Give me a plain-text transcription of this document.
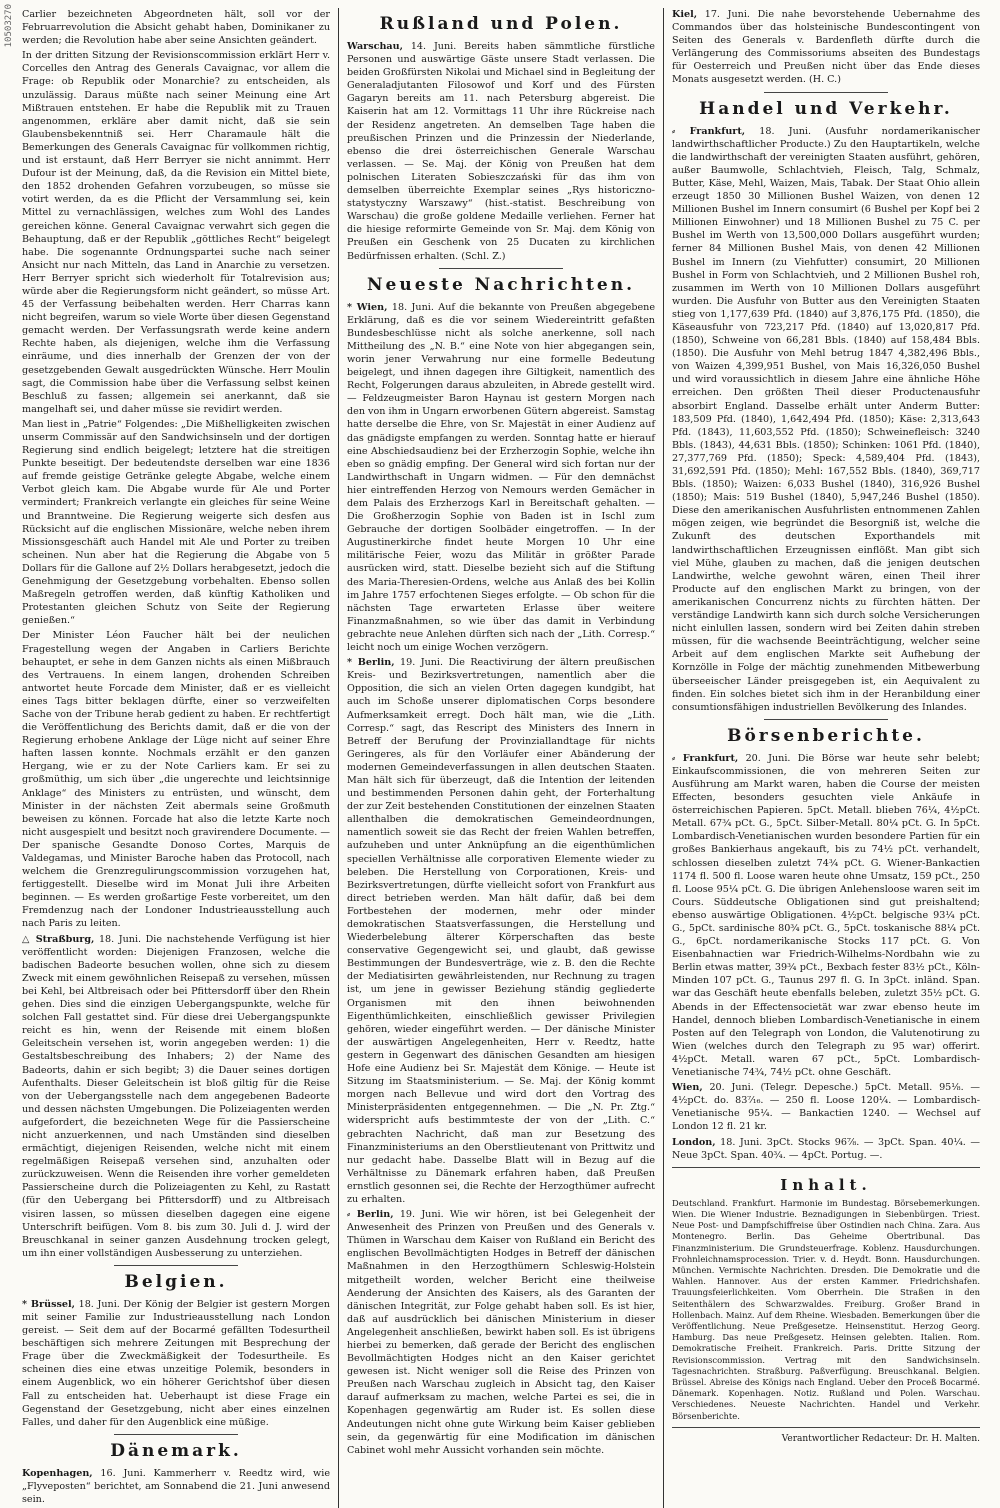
10503270 Carlier bezeichneten Abgeordneten hält, soll vor der Februarrevolution die Absicht gehabt haben, Dominikaner zu werden; die Revolution habe aber seine Ansichten geändert.

In der dritten Sitzung der Revisionscommission erklärt Herr v. Corcelles den Antrag des Generals Cavaignac, vor allem die Frage: ob Republik oder Monarchie? zu entscheiden, als unzulässig. Daraus müßte nach seiner Meinung eine Art Mißtrauen entstehen. Er habe die Republik mit zu Trauen angenommen, erkläre aber damit nicht, daß sie sein Glaubensbekenntniß sei. Herr Charamaule hält die Bemerkungen des Generals Cavaignac für vollkommen richtig, und ist erstaunt, daß Herr Berryer sie nicht annimmt. Herr Dufour ist der Meinung, daß, da die Revision ein Mittel biete, den 1852 drohenden Gefahren vorzubeugen, so müsse sie votirt werden, da es die Pflicht der Versammlung sei, kein Mittel zu vernachlässigen, welches zum Wohl des Landes gereichen könne. General Cavaignac verwahrt sich gegen die Behauptung, daß er der Republik „göttliches Recht“ beigelegt habe. Die sogenannte Ordnungspartei suche nach seiner Ansicht nur nach Mitteln, das Land in Anarchie zu versetzen. Herr Berryer spricht sich wiederholt für Totalrevision aus; würde aber die Regierungsform nicht geändert, so müsse Art. 45 der Verfassung beibehalten werden. Herr Charras kann nicht begreifen, warum so viele Worte über diesen Gegenstand gemacht werden. Der Verfassungsrath werde keine andern Rechte haben, als diejenigen, welche ihm die Verfassung einräume, und dies innerhalb der Grenzen der von der gesetzgebenden Gewalt ausgedrückten Wünsche. Herr Moulin sagt, die Commission habe über die Verfassung selbst keinen Beschluß zu fassen; allgemein sei anerkannt, daß sie mangelhaft sei, und daher müsse sie revidirt werden.

Man liest in „Patrie“ Folgendes: „Die Mißhelligkeiten zwischen unserm Commissär auf den Sandwichsinseln und der dortigen Regierung sind endlich beigelegt; letztere hat die streitigen Punkte beseitigt. Der bedeutendste derselben war eine 1836 auf fremde geistige Getränke gelegte Abgabe, welche einem Verbot gleich kam. Die Abgabe wurde für Ale und Porter vermindert; Frankreich verlangte ein gleiches für seine Weine und Branntweine. Die Regierung weigerte sich desfen aus Rücksicht auf die englischen Missionäre, welche neben ihrem Missionsgeschäft auch Handel mit Ale und Porter zu treiben scheinen. Nun aber hat die Regierung die Abgabe von 5 Dollars für die Gallone auf 2½ Dollars herabgesetzt, jedoch die Genehmigung der Gesetzgebung vorbehalten. Ebenso sollen Maßregeln getroffen werden, daß künftig Katholiken und Protestanten gleichen Schutz von Seite der Regierung genießen.“

Der Minister Léon Faucher hält bei der neulichen Fragestellung wegen der Angaben in Carliers Berichte behauptet, er sehe in dem Ganzen nichts als einen Mißbrauch des Vertrauens. In einem langen, drohenden Schreiben antwortet heute Forcade dem Minister, daß er es vielleicht eines Tags bitter beklagen dürfte, einer so verzweifelten Sache von der Tribune herab gedient zu haben. Er rechtfertigt die Veröffentlichung des Berichts damit, daß er die von der Regierung erhobene Anklage der Lüge nicht auf seiner Ehre haften lassen konnte. Nochmals erzählt er den ganzen Hergang, wie er zu der Note Carliers kam. Er sei zu großmüthig, um sich über „die ungerechte und leichtsinnige Anklage“ des Ministers zu entrüsten, und wünscht, dem Minister in der nächsten Zeit abermals seine Großmuth beweisen zu können. Forcade hat also die letzte Karte noch nicht ausgespielt und besitzt noch gravirendere Documente. — Der spanische Gesandte Donoso Cortes, Marquis de Valdegamas, und Minister Baroche haben das Protocoll, nach welchem die Grenzregulirungscommission vorzugehen hat, fertiggestellt. Dieselbe wird im Monat Juli ihre Arbeiten beginnen. — Es werden großartige Feste vorbereitet, um den Fremdenzug nach der Londoner Industrieausstellung auch nach Paris zu leiten.

△ Straßburg, 18. Juni. Die nachstehende Verfügung ist hier veröffentlicht worden: Diejenigen Franzosen, welche die badischen Badeorte besuchen wollen, ohne sich zu diesem Zweck mit einem gewöhnlichen Reisepaß zu versehen, müssen bei Kehl, bei Altbreisach oder bei Pfittersdorff über den Rhein gehen. Dies sind die einzigen Uebergangspunkte, welche für solchen Fall gestattet sind. Für diese drei Uebergangspunkte reicht es hin, wenn der Reisende mit einem bloßen Geleitschein versehen ist, worin angegeben werden: 1) die Gestaltsbeschreibung des Inhabers; 2) der Name des Badeorts, dahin er sich begibt; 3) die Dauer seines dortigen Aufenthalts. Dieser Geleitschein ist bloß giltig für die Reise von der Uebergangsstelle nach dem angegebenen Badeorte und dessen nächsten Umgebungen. Die Polizeiagenten werden aufgefordert, die bezeichneten Wege für die Passierscheine nicht anzuerkennen, und nach Umständen sind dieselben ermächtigt, diejenigen Reisenden, welche nicht mit einem regelmäßigen Reisepaß versehen sind, anzuhalten oder zurückzuweisen. Wenn die Reisenden ihre vorher gemeldeten Passierscheine durch die Polizeiagenten zu Kehl, zu Rastatt (für den Uebergang bei Pfittersdorff) und zu Altbreisach visiren lassen, so müssen dieselben dagegen eine eigene Unterschrift beifügen. Vom 8. bis zum 30. Juli d. J. wird der Breuschkanal in seiner ganzen Ausdehnung trocken gelegt, um ihn einer vollständigen Ausbesserung zu unterziehen.

Belgien.

* Brüssel, 18. Juni. Der König der Belgier ist gestern Morgen mit seiner Familie zur Industrieausstellung nach London gereist. — Seit dem auf der Bocarmé gefällten Todesurtheil beschäftigen sich mehrere Zeitungen mit Besprechung der Frage über die Zweckmäßigkeit der Todesurtheile. Es scheinen dies eine etwas unzeitige Polemik, besonders in einem Augenblick, wo ein höherer Gerichtshof über diesen Fall zu entscheiden hat. Ueberhaupt ist diese Frage ein Gegenstand der Gesetzgebung, nicht aber eines einzelnen Falles, und daher für den Augenblick eine müßige.

Dänemark.

Kopenhagen, 16. Juni. Kammerherr v. Reedtz wird, wie „Flyveposten“ berichtet, am Sonnabend die 21. Juni anwesend sein.

Rußland und Polen.

Warschau, 14. Juni. Bereits haben sämmtliche fürstliche Personen und auswärtige Gäste unsere Stadt verlassen. Die beiden Großfürsten Nikolai und Michael sind in Begleitung der Generaladjutanten Filosowof und Korf und des Fürsten Gagaryn bereits am 11. nach Petersburg abgereist. Die Kaiserin hat am 12. Vormittags 11 Uhr ihre Rückreise nach der Residenz angetreten. An demselben Tage haben die preußischen Prinzen und die Prinzessin der Niederlande, ebenso die drei österreichischen Generale Warschau verlassen. — Se. Maj. der König von Preußen hat dem polnischen Literaten Sobieszczański für das ihm von demselben überreichte Exemplar seines „Rys historiczno-statystyczny Warszawy“ (hist.-statist. Beschreibung von Warschau) die große goldene Medaille verliehen. Ferner hat die hiesige reformirte Gemeinde von Sr. Maj. dem König von Preußen ein Geschenk von 25 Ducaten zu kirchlichen Bedürfnissen erhalten. (Schl. Z.)

Neueste Nachrichten.

* Wien, 18. Juni. Auf die bekannte von Preußen abgegebene Erklärung, daß es die vor seinem Wiedereintritt gefaßten Bundesbeschlüsse nicht als solche anerkenne, soll nach Mittheilung des „N. B.“ eine Note von hier abgegangen sein, worin jener Verwahrung nur eine formelle Bedeutung beigelegt, und ihnen dagegen ihre Giltigkeit, namentlich des Recht, Folgerungen daraus abzuleiten, in Abrede gestellt wird. — Feldzeugmeister Baron Haynau ist gestern Morgen nach den von ihm in Ungarn erworbenen Gütern abgereist. Samstag hatte derselbe die Ehre, von Sr. Majestät in einer Audienz auf das gnädigste empfangen zu werden. Sonntag hatte er hierauf eine Abschiedsaudienz bei der Erzherzogin Sophie, welche ihn eben so gnädig empfing. Der General wird sich fortan nur der Landwirthschaft in Ungarn widmen. — Für den demnächst hier eintreffenden Herzog von Nemours werden Gemächer in dem Palais des Erzherzogs Karl in Bereitschaft gehalten. — Die Großherzogin Sophie von Baden ist in Ischl zum Gebrauche der dortigen Soolbäder eingetroffen. — In der Augustinerkirche findet heute Morgen 10 Uhr eine militärische Feier, wozu das Militär in größter Parade ausrücken wird, statt. Dieselbe bezieht sich auf die Stiftung des Maria-Theresien-Ordens, welche aus Anlaß des bei Kollin im Jahre 1757 erfochtenen Sieges erfolgte. — Ob schon für die nächsten Tage erwarteten Erlasse über weitere Finanzmaßnahmen, so wie über das damit in Verbindung gebrachte neue Anlehen dürften sich nach der „Lith. Corresp.“ leicht noch um einige Wochen verzögern.

* Berlin, 19. Juni. Die Reactivirung der ältern preußischen Kreis- und Bezirksvertretungen, namentlich aber die Opposition, die sich an vielen Orten dagegen kundgibt, hat auch im Schoße unserer diplomatischen Corps besondere Aufmerksamkeit erregt. Doch hält man, wie die „Lith. Corresp.“ sagt, das Rescript des Ministers des Innern in Betreff der Berufung der Provinziallandtage für nichts Geringeres, als für den Vorläufer einer Abänderung der modernen Gemeindeverfassungen in allen deutschen Staaten. Man hält sich für überzeugt, daß die Intention der leitenden und bestimmenden Personen dahin geht, der Forterhaltung der zur Zeit bestehenden Constitutionen der einzelnen Staaten allenthalben die demokratischen Gemeindeordnungen, namentlich soweit sie das Recht der freien Wahlen betreffen, aufzuheben und unter Anknüpfung an die eigenthümlichen speciellen Verhältnisse alle corporativen Elemente wieder zu beleben. Die Herstellung von Corporationen, Kreis- und Bezirksvertretungen, dürfte vielleicht sofort von Frankfurt aus direct betrieben werden. Man hält dafür, daß bei dem Fortbestehen der modernen, mehr oder minder demokratischen Staatsverfassungen, die Herstellung und Wiederbelebung älterer Körperschaften das beste conservative Gegengewicht sei, und glaubt, daß gewisse Bestimmungen der Bundesverträge, wie z. B. den die Rechte der Mediatisirten gewährleistenden, nur Rechnung zu tragen ist, um jene in gewisser Beziehung ständig gegliederte Organismen mit den ihnen beiwohnenden Eigenthümlichkeiten, einschließlich gewisser Privilegien gehören, wieder eingeführt werden. — Der dänische Minister der auswärtigen Angelegenheiten, Herr v. Reedtz, hatte gestern in Gegenwart des dänischen Gesandten am hiesigen Hofe eine Audienz bei Sr. Majestät dem Könige. — Heute ist Sitzung im Staatsministerium. — Se. Maj. der König kommt morgen nach Bellevue und wird dort den Vortrag des Ministerpräsidenten entgegennehmen. — Die „N. Pr. Ztg.“ widerspricht aufs bestimmteste der von der „Lith. C.“ gebrachten Nachricht, daß man zur Besetzung des Finanzministeriums an den Oberstlieutenant von Prittwitz und nur gedacht habe. Dasselbe Blatt will in Bezug auf die Verhältnisse zu Dänemark erfahren haben, daß Preußen ernstlich gesonnen sei, die Rechte der Herzogthümer aufrecht zu erhalten.

⸗ Berlin, 19. Juni. Wie wir hören, ist bei Gelegenheit der Anwesenheit des Prinzen von Preußen und des Generals v. Thümen in Warschau dem Kaiser von Rußland ein Bericht des englischen Bevollmächtigten Hodges in Betreff der dänischen Maßnahmen in den Herzogthümern Schleswig-Holstein mitgetheilt worden, welcher Bericht eine theilweise Aenderung der Ansichten des Kaisers, als des Garanten der dänischen Integrität, zur Folge gehabt haben soll. Es ist hier, daß auf ausdrücklich bei dänischen Ministerium in dieser Angelegenheit anschließen, bewirkt haben soll. Es ist übrigens hierbei zu bemerken, daß gerade der Bericht des englischen Bevollmächtigten Hodges nicht an den Kaiser gerichtet gewesen ist. Nicht weniger soll die Reise des Prinzen von Preußen nach Warschau zugleich in Absicht tag, den Kaiser darauf aufmerksam zu machen, welche Partei es sei, die in Kopenhagen gegenwärtig am Ruder ist. Es sollen diese Andeutungen nicht ohne gute Wirkung beim Kaiser geblieben sein, da gegenwärtig für eine Modification im dänischen Cabinet wohl mehr Aussicht vorhanden sein möchte.

Kiel, 17. Juni. Die nahe bevorstehende Uebernahme des Commandos über das holsteinische Bundescontingent von Seiten des Generals v. Bardenfleth dürfte durch die Verlängerung des Commissoriums abseiten des Bundestags für Oesterreich und Preußen nicht über das Ende dieses Monats ausgesetzt werden. (H. C.)

Handel und Verkehr.

⸗ Frankfurt, 18. Juni. (Ausfuhr nordamerikanischer landwirthschaftlicher Producte.) Zu den Hauptartikeln, welche die landwirthschaft der vereinigten Staaten ausführt, gehören, außer Baumwolle, Schlachtvieh, Fleisch, Talg, Schmalz, Butter, Käse, Mehl, Waizen, Mais, Tabak. Der Staat Ohio allein erzeugt 1850 30 Millionen Bushel Waizen, von denen 12 Millionen Bushel im Innern consumirt (6 Bushel per Kopf bei 2 Millionen Einwohner) und 18 Millionen Bushel zu 75 C. per Bushel im Werth von 13,500,000 Dollars ausgeführt wurden; ferner 84 Millionen Bushel Mais, von denen 42 Millionen Bushel im Innern (zu Viehfutter) consumirt, 20 Millionen Bushel in Form von Schlachtvieh, und 2 Millionen Bushel roh, zusammen im Werth von 10 Millionen Dollars ausgeführt wurden. Die Ausfuhr von Butter aus den Vereinigten Staaten stieg von 1,177,639 Pfd. (1840) auf 3,876,175 Pfd. (1850), die Käseausfuhr von 723,217 Pfd. (1840) auf 13,020,817 Pfd. (1850), Schweine von 66,281 Bbls. (1840) auf 158,484 Bbls. (1850). Die Ausfuhr von Mehl betrug 1847 4,382,496 Bbls., von Waizen 4,399,951 Bushel, von Mais 16,326,050 Bushel und wird voraussichtlich in diesem Jahre eine ähnliche Höhe erreichen. Den größten Theil dieser Productenausfuhr absorbirt England. Dasselbe erhält unter Anderm Butter: 183,509 Pfd. (1840), 1,642,494 Pfd. (1850); Käse: 2,313,643 Pfd. (1843), 11,603,552 Pfd. (1850); Schweinefleisch: 3240 Bbls. (1843), 44,631 Bbls. (1850); Schinken: 1061 Pfd. (1840), 27,377,769 Pfd. (1850); Speck: 4,589,404 Pfd. (1843), 31,692,591 Pfd. (1850); Mehl: 167,552 Bbls. (1840), 369,717 Bbls. (1850); Waizen: 6,033 Bushel (1840), 316,926 Bushel (1850); Mais: 519 Bushel (1840), 5,947,246 Bushel (1850). Diese den amerikanischen Ausfuhrlisten entnommenen Zahlen mögen zeigen, wie begründet die Besorgniß ist, welche die Zukunft des deutschen Exporthandels mit landwirthschaftlichen Erzeugnissen einflößt. Man gibt sich viel Mühe, glauben zu machen, daß die jenigen deutschen Landwirthe, welche gewohnt wären, einen Theil ihrer Producte auf den englischen Markt zu bringen, von der amerikanischen Concurrenz nichts zu fürchten hätten. Der verständige Landwirth kann sich durch solche Versicherungen nicht einlullen lassen, sondern wird bei Zeiten dahin streben müssen, für die wachsende Beeinträchtigung, welcher seine Arbeit auf dem englischen Markte seit Aufhebung der Kornzölle in Folge der mächtig zunehmenden Mitbewerbung überseeischer Länder preisgegeben ist, ein Aequivalent zu finden. Ein solches bietet sich ihm in der Heranbildung einer consumtionsfähigen industriellen Bevölkerung des Inlandes.

Börsenberichte.

⸗ Frankfurt, 20. Juni. Die Börse war heute sehr belebt; Einkaufscommissionen, die von mehreren Seiten zur Ausführung am Markt waren, haben die Course der meisten Effecten, besonders gesuchten viele Ankäufe in österreichischen Papieren. 5pCt. Metall. blieben 76¼, 4½pCt. Metall. 67¾ pCt. G., 5pCt. Silber-Metall. 80¼ pCt. G. In 5pCt. Lombardisch-Venetianischen wurden besondere Partien für ein großes Bankierhaus angekauft, bis zu 74½ pCt. verhandelt, schlossen dieselben zuletzt 74¾ pCt. G. Wiener-Bankactien 1174 fl. 500 fl. Loose waren heute ohne Umsatz, 159 pCt., 250 fl. Loose 95¼ pCt. G. Die übrigen Anlehensloose waren seit im Cours. Süddeutsche Obligationen sind gut preishaltend; ebenso auswärtige Obligationen. 4½pCt. belgische 93¼ pCt. G., 5pCt. sardinische 80¾ pCt. G., 5pCt. toskanische 88¼ pCt. G., 6pCt. nordamerikanische Stocks 117 pCt. G. Von Eisenbahnactien war Friedrich-Wilhelms-Nordbahn wie zu Berlin etwas matter, 39¾ pCt., Bexbach fester 83½ pCt., Köln-Minden 107 pCt. G., Taunus 297 fl. G. In 3pCt. inländ. Span. war das Geschäft heute ebenfalls beleben, zuletzt 35½ pCt. G. Abends in der Effectensocietät war zwar ebenso heute im Handel, dennoch blieben Lombardisch-Venetianische in einem Posten auf den Telegraph von London, die Valutenotirung zu Wien (welches durch den Telegraph zu 95 war) offerirt. 4½pCt. Metall. waren 67 pCt., 5pCt. Lombardisch-Venetianische 74¾, 74½ pCt. ohne Geschäft.

Wien, 20. Juni. (Telegr. Depesche.) 5pCt. Metall. 95⅛. — 4½pCt. do. 83⁷⁄₁₆. — 250 fl. Loose 120¼. — Lombardisch-Venetianische 95¼. — Bankactien 1240. — Wechsel auf London 12 fl. 21 kr.

London, 18. Juni. 3pCt. Stocks 96⅞. — 3pCt. Span. 40¼. — Neue 3pCt. Span. 40¾. — 4pCt. Portug. —.

Inhalt.
Deutschland. Frankfurt. Harmonie im Bundestag. Börsebemerkungen. Wien. Die Wiener Industrie. Beznadigungen in Siebenbürgen. Triest. Neue Post- und Dampfschiffreise über Ostindien nach China. Zara. Aus Montenegro. Berlin. Das Geheime Obertribunal. Das Finanzministerium. Die Grundsteuerfrage. Koblenz. Hausdurchungen. Frohnleichnamsprocession. Trier. v. d. Heydt. Bonn. Hausdurchungen. München. Vermischte Nachrichten. Dresden. Die Demokratie und die Wahlen. Hannover. Aus der ersten Kammer. Friedrichshafen. Trauungsfeierlichkeiten. Vom Oberrhein. Die Straßen in den Seitenthälern des Schwarzwaldes. Freiburg. Großer Brand in Hollenbach. Mainz. Auf dem Rheine. Wiesbaden. Bemerkungen über die Veröffentlichung. Neue Preßgesetze. Heinsenstitut. Herzog Georg. Hamburg. Das neue Preßgesetz. Heinsen gelebten. Italien. Rom. Demokratische Freiheit. Frankreich. Paris. Dritte Sitzung der Revisionscommission. Vertrag mit den Sandwichsinseln. Tagesnachrichten. Straßburg. Paßverfügung. Breuschkanal. Belgien. Brüssel. Abreise des Königs nach England. Ueber den Proceß Bocarmé. Dänemark. Kopenhagen. Notiz. Rußland und Polen. Warschau. Verschiedenes. Neueste Nachrichten. Handel und Verkehr. Börsenberichte.
Verantwortlicher Redacteur: Dr. H. Malten.
